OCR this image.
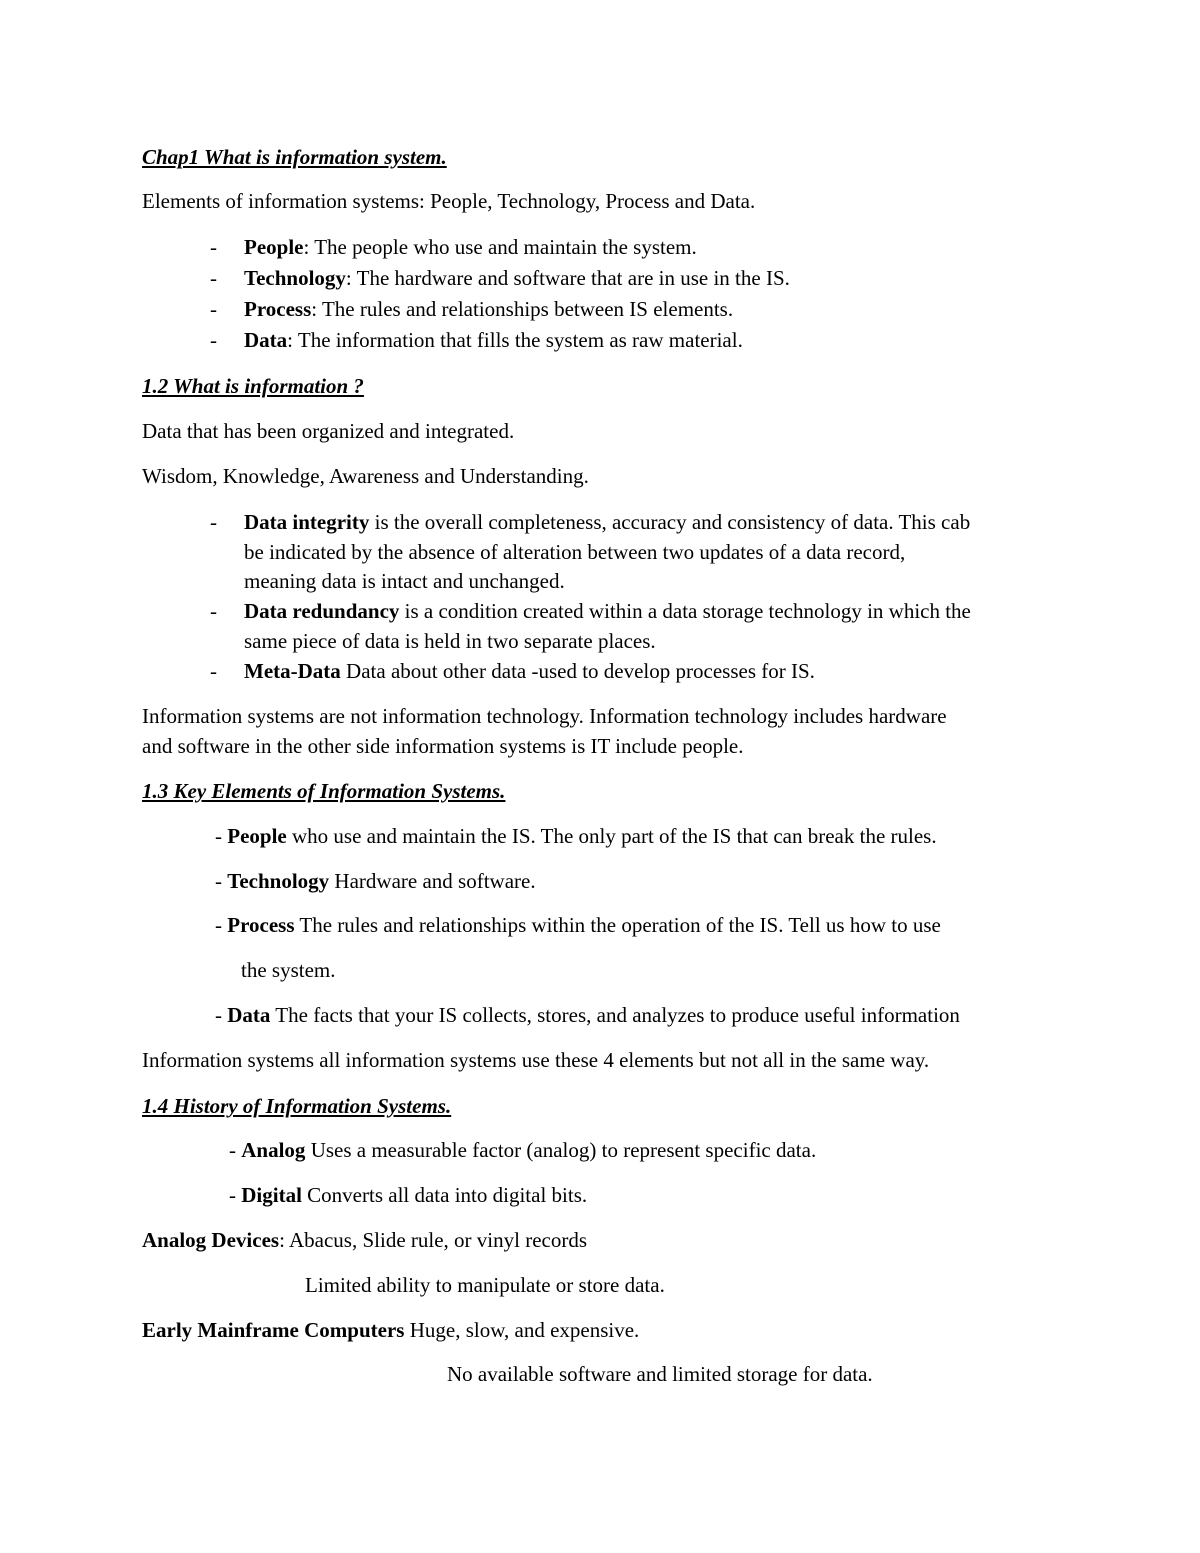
Chap1 What is information system.
Elements of information systems: People, Technology, Process and Data.
- People: The people who use and maintain the system.
- Technology: The hardware and software that are in use in the IS.
- Process: The rules and relationships between IS elements.
- Data: The information that fills the system as raw material.
1.2 What is information ?
Data that has been organized and integrated.
Wisdom, Knowledge, Awareness and Understanding.
- Data integrity is the overall completeness, accuracy and consistency of data. This cab
be indicated by the absence of alteration between two updates of a data record,
meaning data is intact and unchanged.
- Data redundancy is a condition created within a data storage technology in which the
same piece of data is held in two separate places.
- Meta-Data Data about other data -used to develop processes for IS.
Information systems are not information technology. Information technology includes hardware
and software in the other side information systems is IT include people.
1.3 Key Elements of Information Systems.
- People who use and maintain the IS. The only part of the IS that can break the rules.
- Technology Hardware and software.
- Process The rules and relationships within the operation of the IS. Tell us how to use
the system.
- Data The facts that your IS collects, stores, and analyzes to produce useful information
Information systems all information systems use these 4 elements but not all in the same way.
1.4 History of Information Systems.
- Analog Uses a measurable factor (analog) to represent specific data.
- Digital Converts all data into digital bits.
Analog Devices: Abacus, Slide rule, or vinyl records
Limited ability to manipulate or store data.
Early Mainframe Computers Huge, slow, and expensive.
No available software and limited storage for data.
